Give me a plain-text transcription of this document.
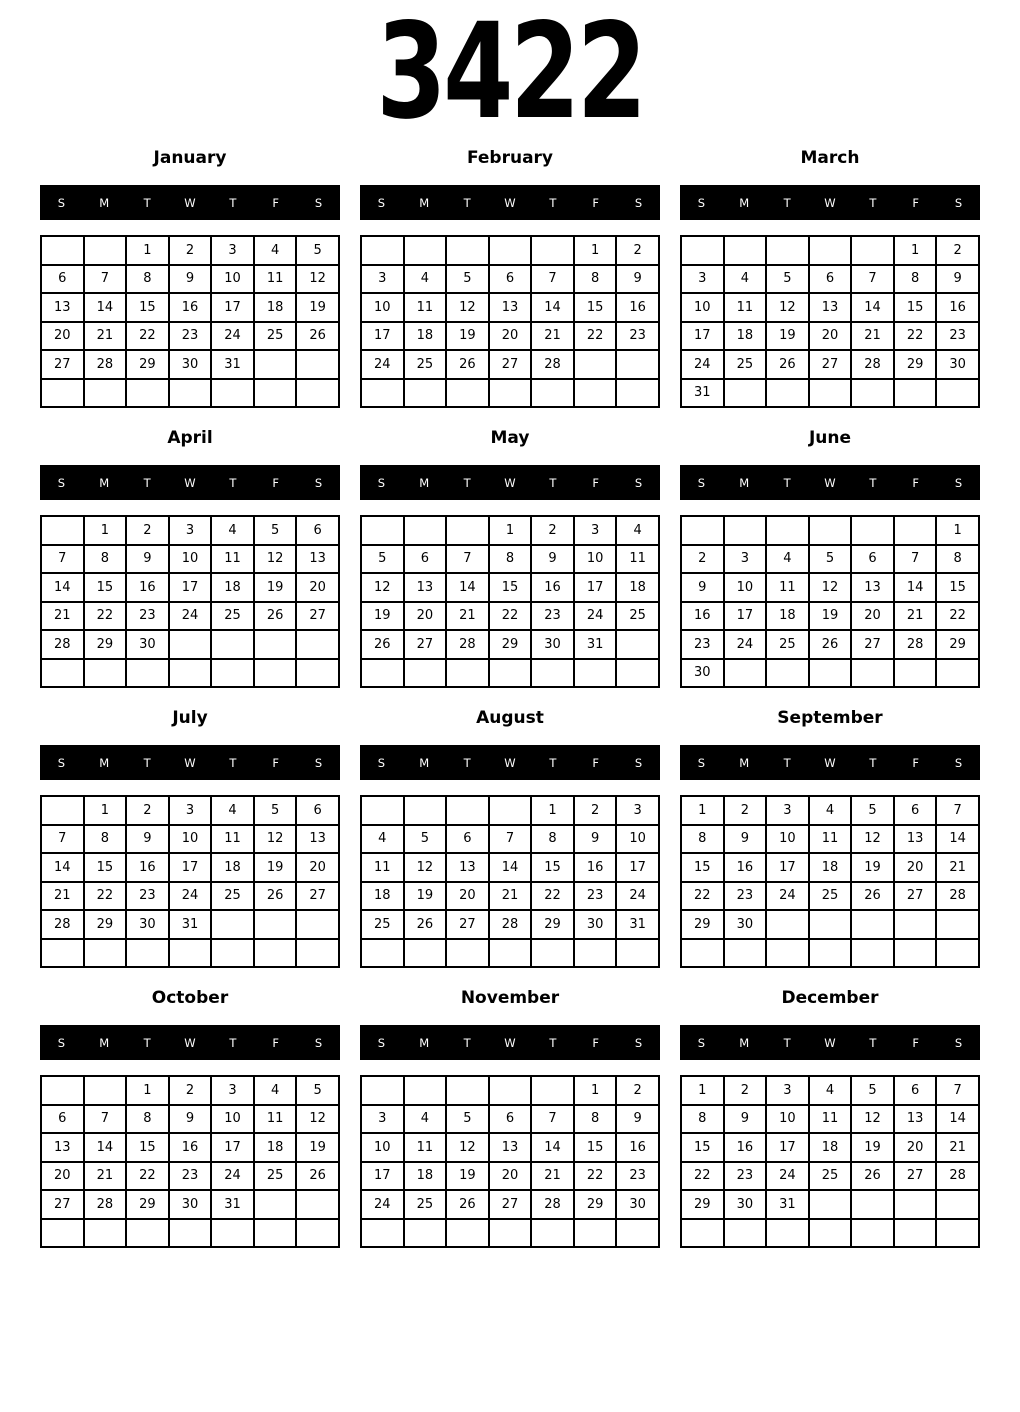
3422
January
S	M	T	W	T	F	S
		1	2	3	4	5
6	7	8	9	10	11	12
13	14	15	16	17	18	19
20	21	22	23	24	25	26
27	28	29	30	31		

February
S	M	T	W	T	F	S
					1	2
3	4	5	6	7	8	9
10	11	12	13	14	15	16
17	18	19	20	21	22	23
24	25	26	27	28		

March
S	M	T	W	T	F	S
					1	2
3	4	5	6	7	8	9
10	11	12	13	14	15	16
17	18	19	20	21	22	23
24	25	26	27	28	29	30
31						
April
S	M	T	W	T	F	S
	1	2	3	4	5	6
7	8	9	10	11	12	13
14	15	16	17	18	19	20
21	22	23	24	25	26	27
28	29	30				

May
S	M	T	W	T	F	S
			1	2	3	4
5	6	7	8	9	10	11
12	13	14	15	16	17	18
19	20	21	22	23	24	25
26	27	28	29	30	31	

June
S	M	T	W	T	F	S
						1
2	3	4	5	6	7	8
9	10	11	12	13	14	15
16	17	18	19	20	21	22
23	24	25	26	27	28	29
30						
July
S	M	T	W	T	F	S
	1	2	3	4	5	6
7	8	9	10	11	12	13
14	15	16	17	18	19	20
21	22	23	24	25	26	27
28	29	30	31			

August
S	M	T	W	T	F	S
				1	2	3
4	5	6	7	8	9	10
11	12	13	14	15	16	17
18	19	20	21	22	23	24
25	26	27	28	29	30	31

September
S	M	T	W	T	F	S
1	2	3	4	5	6	7
8	9	10	11	12	13	14
15	16	17	18	19	20	21
22	23	24	25	26	27	28
29	30					

October
S	M	T	W	T	F	S
		1	2	3	4	5
6	7	8	9	10	11	12
13	14	15	16	17	18	19
20	21	22	23	24	25	26
27	28	29	30	31		

November
S	M	T	W	T	F	S
					1	2
3	4	5	6	7	8	9
10	11	12	13	14	15	16
17	18	19	20	21	22	23
24	25	26	27	28	29	30

December
S	M	T	W	T	F	S
1	2	3	4	5	6	7
8	9	10	11	12	13	14
15	16	17	18	19	20	21
22	23	24	25	26	27	28
29	30	31				
